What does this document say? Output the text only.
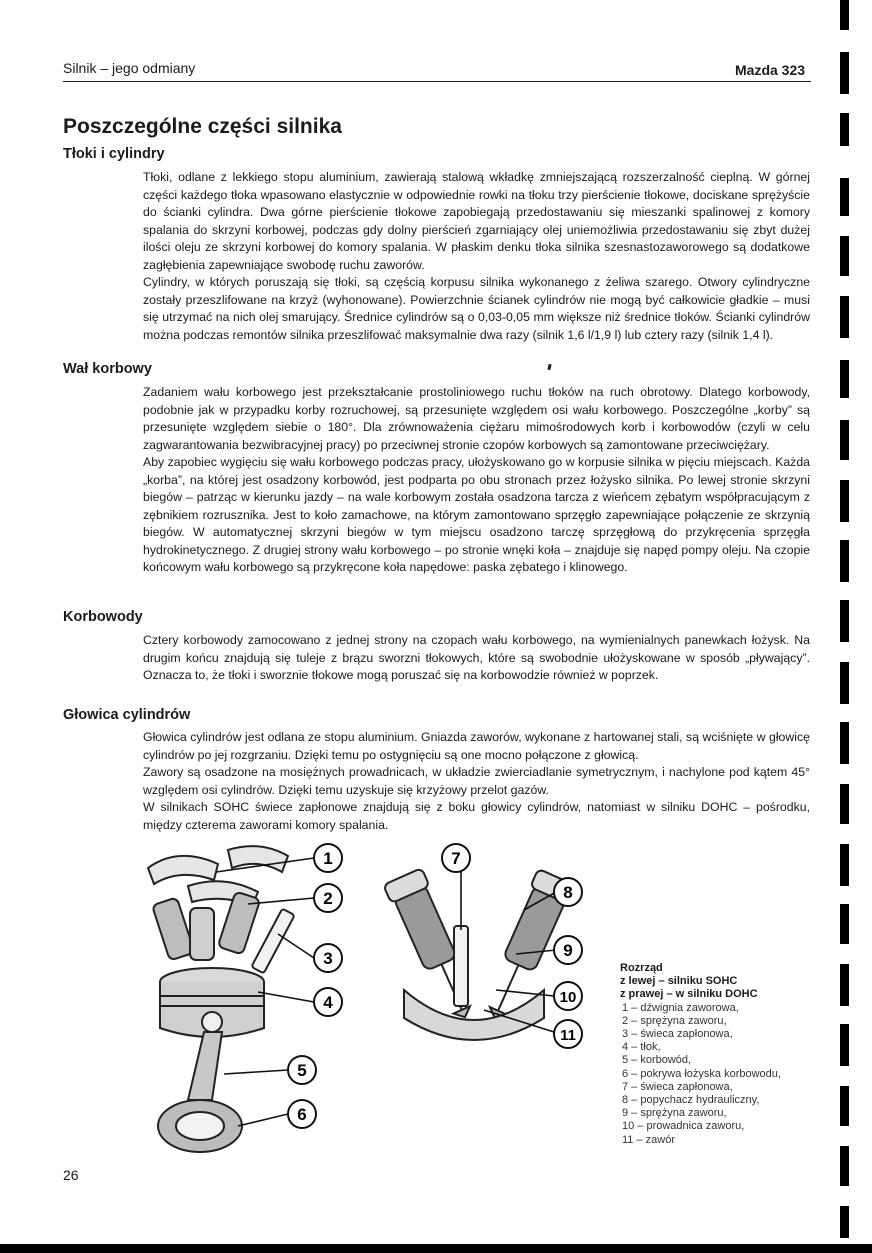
Silnik – jego odmiany	Mazda 323
Poszczególne części silnika
Tłoki i cylindry

Tłoki, odlane z lekkiego stopu aluminium, zawierają stalową wkładkę zmniejszającą rozszerzalność cieplną. W górnej części każdego tłoka wpasowano elastycznie w odpowiednie rowki na tłoku trzy pierścienie tłokowe, dociskane sprężyście do ścianki cylindra. Dwa górne pierścienie tłokowe zapobiegają przedostawaniu się mieszanki spalinowej z komory spalania do skrzyni korbowej, podczas gdy dolny pierścień zgarniający olej uniemożliwia przedostawaniu się zbyt dużej ilości oleju ze skrzyni korbowej do komory spalania. W płaskim denku tłoka silnika szesnastozaworowego są dodatkowe zagłębienia zapewniające swobodę ruchu zaworów.

Cylindry, w których poruszają się tłoki, są częścią korpusu silnika wykonanego z żeliwa szarego. Otwory cylindryczne zostały przeszlifowane na krzyż (wyhonowane). Powierzchnie ścianek cylindrów nie mogą być całkowicie gładkie – musi się utrzymać na nich olej smarujący. Średnice cylindrów są o 0,03-0,05 mm większe niż średnice tłoków. Ścianki cylindrów można podczas remontów silnika przeszlifować maksymalnie dwa razy (silnik 1,6 l/1,9 l) lub cztery razy (silnik 1,4 l).

Wał korbowy

Zadaniem wału korbowego jest przekształcanie prostoliniowego ruchu tłoków na ruch obrotowy. Dlatego korbowody, podobnie jak w przypadku korby rozruchowej, są przesunięte względem osi wału korbowego. Poszczególne „korby” są przesunięte względem siebie o 180°. Dla zrównoważenia ciężaru mimośrodowych korb i korbowodów (czyli w celu zagwarantowania bezwibracyjnej pracy) po przeciwnej stronie czopów korbowych są zamontowane przeciwciężary.

Aby zapobiec wygięciu się wału korbowego podczas pracy, ułożyskowano go w korpusie silnika w pięciu miejscach. Każda „korba”, na której jest osadzony korbowód, jest podparta po obu stronach przez łożysko silnika. Po lewej stronie skrzyni biegów – patrząc w kierunku jazdy – na wale korbowym została osadzona tarcza z wieńcem zębatym współpracującym z zębnikiem rozrusznika. Jest to koło zamachowe, na którym zamontowano sprzęgło zapewniające połączenie ze skrzynią biegów. W automatycznej skrzyni biegów w tym miejscu osadzono tarczę sprzęgłową do przykręcenia sprzęgła hydrokinetycznego. Z drugiej strony wału korbowego – po stronie wnęki koła – znajduje się napęd pompy oleju. Na czopie końcowym wału korbowego są przykręcone koła napędowe: paska zębatego i klinowego.

Korbowody

Cztery korbowody zamocowano z jednej strony na czopach wału korbowego, na wymienialnych panewkach łożysk. Na drugim końcu znajdują się tuleje z brązu sworzni tłokowych, które są swobodnie ułożyskowane w sposób „pływający”. Oznacza to, że tłoki i sworznie tłokowe mogą poruszać się na korbowodzie również w poprzek.

Głowica cylindrów

Głowica cylindrów jest odlana ze stopu aluminium. Gniazda zaworów, wykonane z hartowanej stali, są wciśnięte w głowicę cylindrów po jej rozgrzaniu. Dzięki temu po ostygnięciu są one mocno połączone z głowicą.

Zawory są osadzone na mosiężnych prowadnicach, w układzie zwierciadlanie symetrycznym, i nachylone pod kątem 45° względem osi cylindrów. Dzięki temu uzyskuje się krzyżowy przelot gazów.

W silnikach SOHC świece zapłonowe znajdują się z boku głowicy cylindrów, natomiast w silniku DOHC – pośrodku, między czterema zaworami komory spalania.

1
2
3
4
5
6
7
8
9
10
11
Rozrząd
z lewej – silniku SOHC
z prawej – w silniku DOHC
1 – dźwignia zaworowa,
2 – sprężyna zaworu,
3 – świeca zapłonowa,
4 – tłok,
5 – korbowód,
6 – pokrywa łożyska korbowodu,
7 – świeca zapłonowa,
8 – popychacz hydrauliczny,
9 – sprężyna zaworu,
10 – prowadnica zaworu,
11 – zawór
26
